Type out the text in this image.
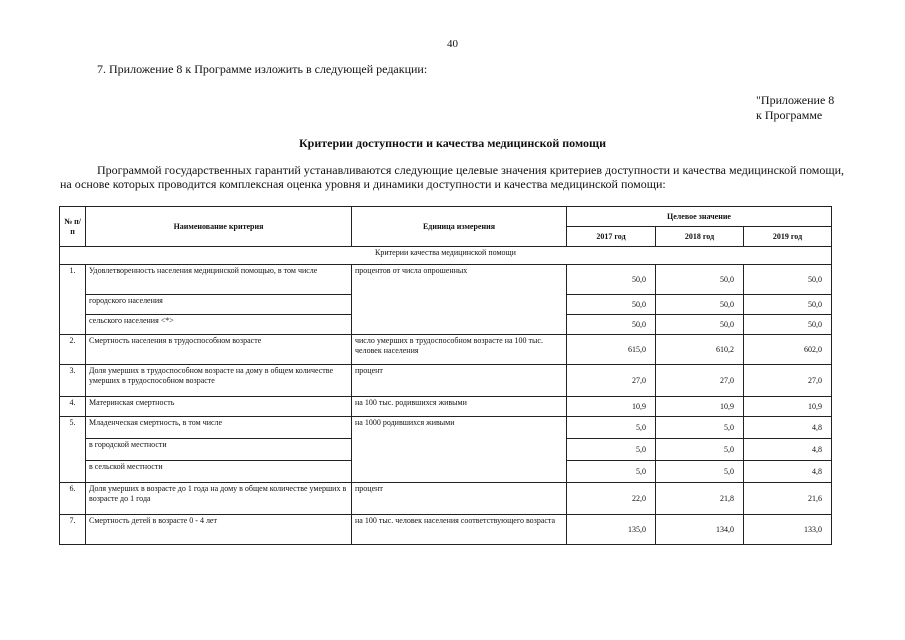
40
7. Приложение 8 к Программе изложить в следующей редакции:
"Приложение 8
к Программе
Критерии доступности и качества медицинской помощи

Программой государственных гарантий устанавливаются следующие целевые значения критериев доступности и качества медицинской помощи, на основе которых проводится комплексная оценка уровня и динамики доступности и качества медицинской помощи:

№ п/п	Наименование критерия	Единица измерения	Целевое значение		
			2017 год	2018 год	2019 год
Критерии качества медицинской помощи					
1.	Удовлетворенность населения медицинской помощью, в том числе	процентов от числа опрошенных	50,0	50,0	50,0
	городского населения		50,0	50,0	50,0
	сельского населения <*>		50,0	50,0	50,0
2.	Смертность населения в трудоспособном возрасте	число умерших в трудоспособном возрасте на 100 тыс. человек населения	615,0	610,2	602,0
3.	Доля умерших в трудоспособном возрасте на дому в общем количестве умерших в трудоспособном возрасте	процент	27,0	27,0	27,0
4.	Материнская смертность	на 100 тыс. родившихся живыми	10,9	10,9	10,9
5.	Младенческая смертность, в том числе	на 1000 родившихся живыми	5,0	5,0	4,8
	в городской местности		5,0	5,0	4,8
	в сельской местности		5,0	5,0	4,8
6.	Доля умерших в возрасте до 1 года на дому в общем количестве умерших в возрасте до 1 года	процент	22,0	21,8	21,6
7.	Смертность детей в возрасте 0 - 4 лет	на 100 тыс. человек населения соответствующего возраста	135,0	134,0	133,0
